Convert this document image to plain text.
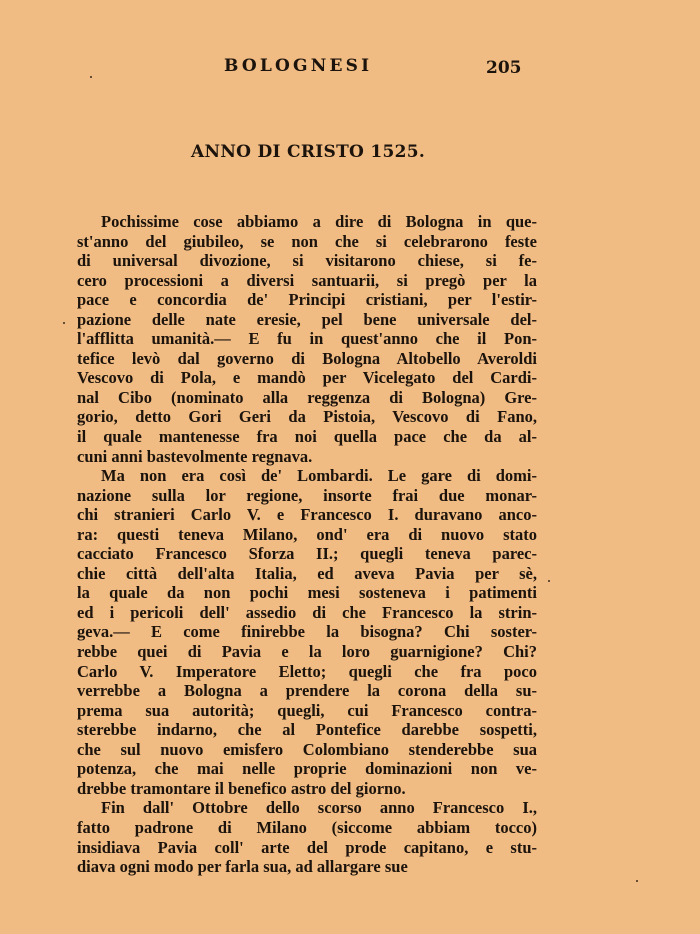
BOLOGNESI	205
ANNO DI CRISTO 1525.
Pochissime cose abbiamo a dire di Bologna in que-
st'anno del giubileo, se non che si celebrarono feste
di universal divozione, si visitarono chiese, si fe-
cero processioni a diversi santuarii, si pregò per la
pace e concordia de' Principi cristiani, per l'estir-
pazione delle nate eresie, pel bene universale del-
l'afflitta umanità.— E fu in quest'anno che il Pon-
tefice levò dal governo di Bologna Altobello Averoldi
Vescovo di Pola, e mandò per Vicelegato del Cardi-
nal Cibo (nominato alla reggenza di Bologna) Gre-
gorio, detto Gori Geri da Pistoia, Vescovo di Fano,
il quale mantenesse fra noi quella pace che da al-
cuni anni bastevolmente regnava.
Ma non era così de' Lombardi. Le gare di domi-
nazione sulla lor regione, insorte frai due monar-
chi stranieri Carlo V. e Francesco I. duravano anco-
ra: questi teneva Milano, ond' era di nuovo stato
cacciato Francesco Sforza II.; quegli teneva parec-
chie città dell'alta Italia, ed aveva Pavia per sè,
la quale da non pochi mesi sosteneva i patimenti
ed i pericoli dell' assedio di che Francesco la strin-
geva.— E come finirebbe la bisogna? Chi soster-
rebbe quei di Pavia e la loro guarnigione? Chi?
Carlo V. Imperatore Eletto; quegli che fra poco
verrebbe a Bologna a prendere la corona della su-
prema sua autorità; quegli, cui Francesco contra-
sterebbe indarno, che al Pontefice darebbe sospetti,
che sul nuovo emisfero Colombiano stenderebbe sua
potenza, che mai nelle proprie dominazioni non ve-
drebbe tramontare il benefico astro del giorno.
Fin dall' Ottobre dello scorso anno Francesco I.,
fatto padrone di Milano (siccome abbiam tocco)
insidiava Pavia coll' arte del prode capitano, e stu-
diava ogni modo per farla sua, ad allargare sue
